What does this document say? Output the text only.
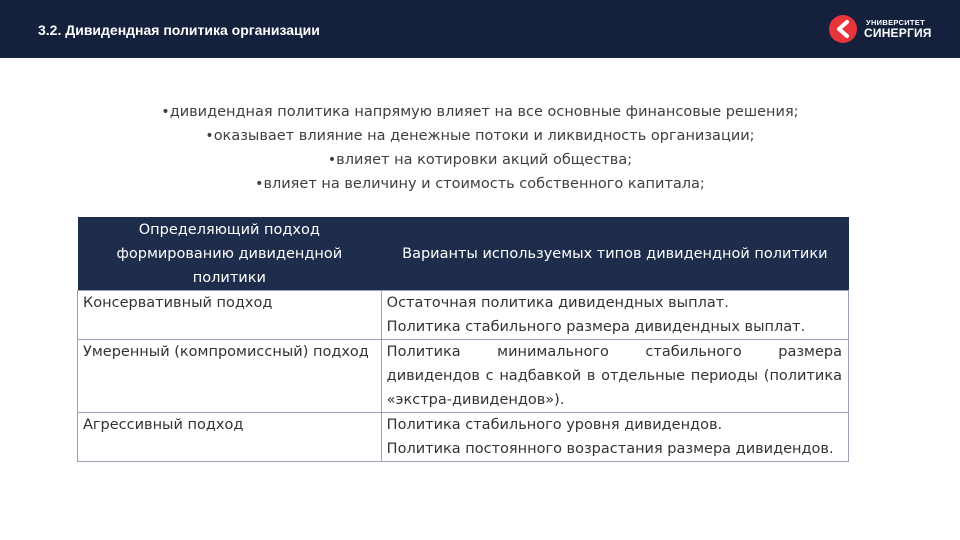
3.2. Дивидендная политика организации	УНИВЕРСИТЕТ
СИНЕРГИЯ
•дивидендная политика напрямую влияет на все основные финансовые решения;
•оказывает влияние на денежные потоки и ликвидность организации;
•влияет на котировки акций общества;
•влияет на величину и стоимость собственного капитала;
Определяющий подход формированию дивидендной политики	Варианты используемых типов дивидендной политики
Консервативный подход	Остаточная политика дивидендных выплат.
Политика стабильного размера дивидендных выплат.

Умеренный (компромиссный) подход	Политика минимального стабильного размера дивидендов с надбавкой в отдельные периоды (политика «экстра-дивидендов»).

Агрессивный подход	Политика стабильного уровня дивидендов.
Политика постоянного возрастания размера дивидендов.
